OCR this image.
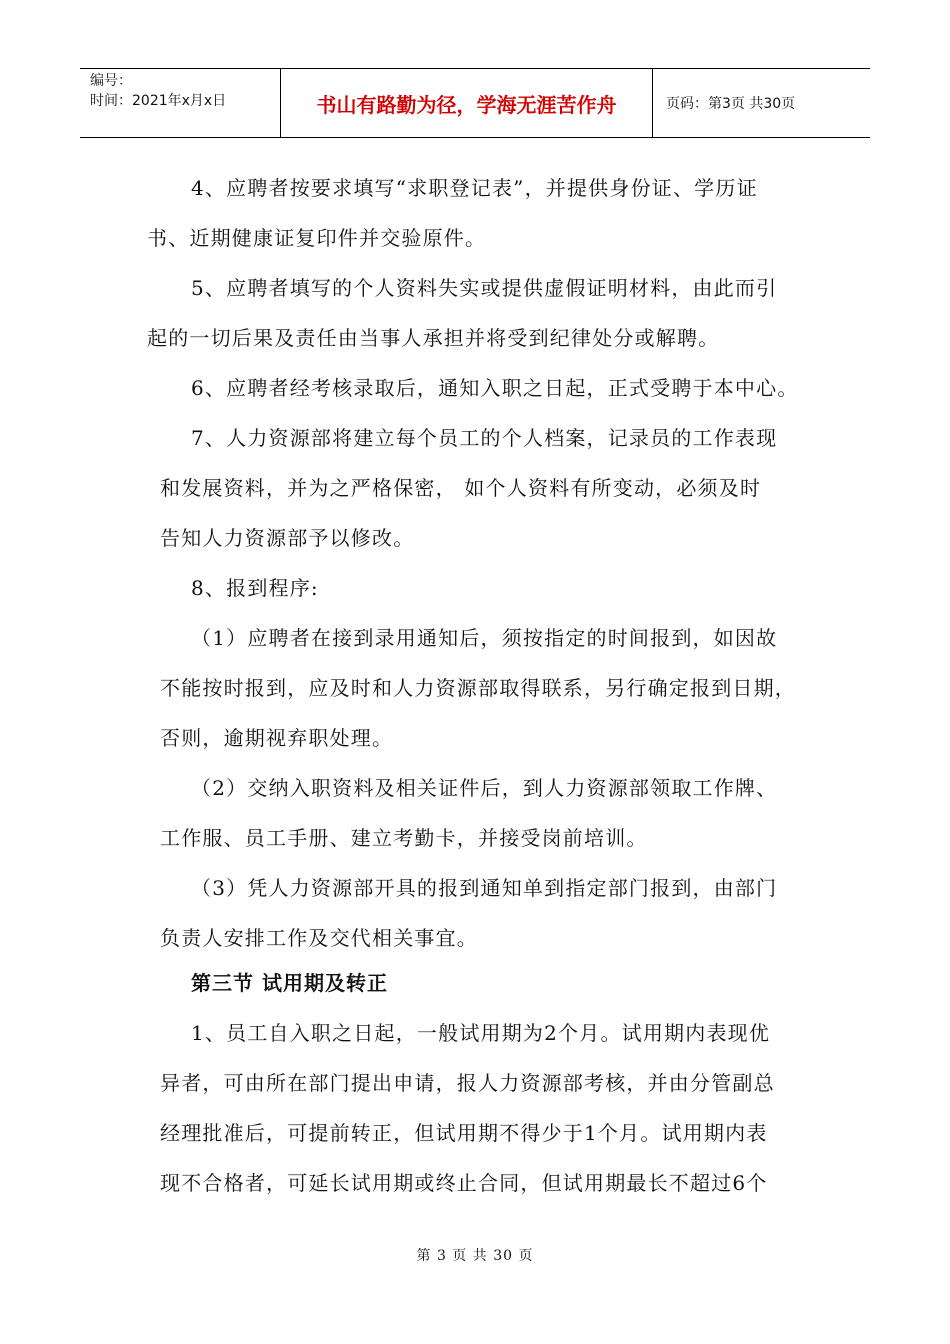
编号：
时间：2021年x月x日	书山有路勤为径，学海无涯苦作舟	页码：第3页 共30页
4、应聘者按要求填写“求职登记表”，并提供身份证、学历证
书、近期健康证复印件并交验原件。
5、应聘者填写的个人资料失实或提供虚假证明材料，由此而引
起的一切后果及责任由当事人承担并将受到纪律处分或解聘。
6、应聘者经考核录取后，通知入职之日起，正式受聘于本中心。
7、人力资源部将建立每个员工的个人档案，记录员的工作表现
和发展资料，并为之严格保密， 如个人资料有所变动，必须及时
告知人力资源部予以修改。
8、报到程序:
（1）应聘者在接到录用通知后，须按指定的时间报到，如因故
不能按时报到，应及时和人力资源部取得联系，另行确定报到日期，
否则，逾期视弃职处理。
（2）交纳入职资料及相关证件后，到人力资源部领取工作牌、
工作服、员工手册、建立考勤卡，并接受岗前培训。
（3）凭人力资源部开具的报到通知单到指定部门报到，由部门
负责人安排工作及交代相关事宜。
第三节 试用期及转正
1、员工自入职之日起，一般试用期为2个月。试用期内表现优
异者，可由所在部门提出申请，报人力资源部考核，并由分管副总
经理批准后，可提前转正，但试用期不得少于1个月。试用期内表
现不合格者，可延长试用期或终止合同，但试用期最长不超过6个
第 3 页 共 30 页
